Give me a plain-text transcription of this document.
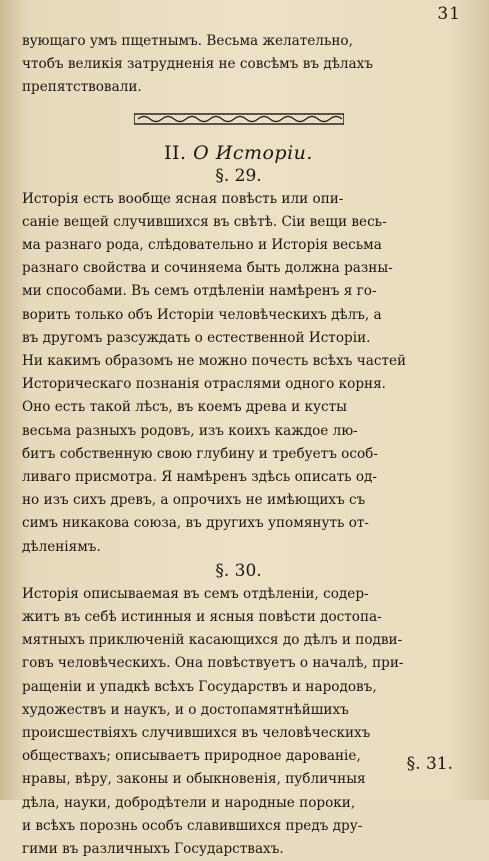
31

вующаго умъ пщетнымъ. Весьма желательно,
чтобъ великія затрудненія не совсѣмъ въ дѣлахъ
препятствовали.

II. О Исторіи.
§. 29.

Исторія есть вообще ясная повѣсть или опи-
саніе вещей случившихся въ свѣтѣ. Сіи вещи весь-
ма разнаго рода, слѣдовательно и Исторія весьма
разнаго свойства и сочиняема быть должна разны-
ми способами. Въ семъ отдѣленіи намѣренъ я го-
ворить только объ Исторіи человѣческихъ дѣлъ, а
въ другомъ разсуждать о естественной Исторіи.
Ни какимъ образомъ не можно почесть всѣхъ частей
Историческаго познанія отраслями одного корня.
Оно есть такой лѣсъ, въ коемъ древа и кусты
весьма разныхъ родовъ, изъ коихъ каждое лю-
битъ собственную свою глубину и требуетъ особ-
ливаго присмотра. Я намѣренъ здѣсь описать од-
но изъ сихъ древъ, а опрочихъ не имѣющихъ съ
симъ никакова союза, въ другихъ упомянуть от-
дѣленіямъ.

§. 30.

Исторія описываемая въ семъ отдѣленіи, содер-
житъ въ себѣ истинныя и ясныя повѣсти достопа-
мятныхъ приключеній касающихся до дѣлъ и подви-
говъ человѣческихъ. Она повѣствуетъ о началѣ, при-
ращеніи и упадкѣ всѣхъ Государствъ и народовъ,
художествъ и наукъ, и о достопамятнѣйшихъ
происшествіяхъ случившихся въ человѣческихъ
обществахъ; описываетъ природное дарованіе,
нравы, вѣру, законы и обыкновенія, публичныя
дѣла, науки, добродѣтели и народные пороки,
и всѣхъ порознь особъ славившихся предъ дру-
гими въ различныхъ Государствахъ.

§. 31.
